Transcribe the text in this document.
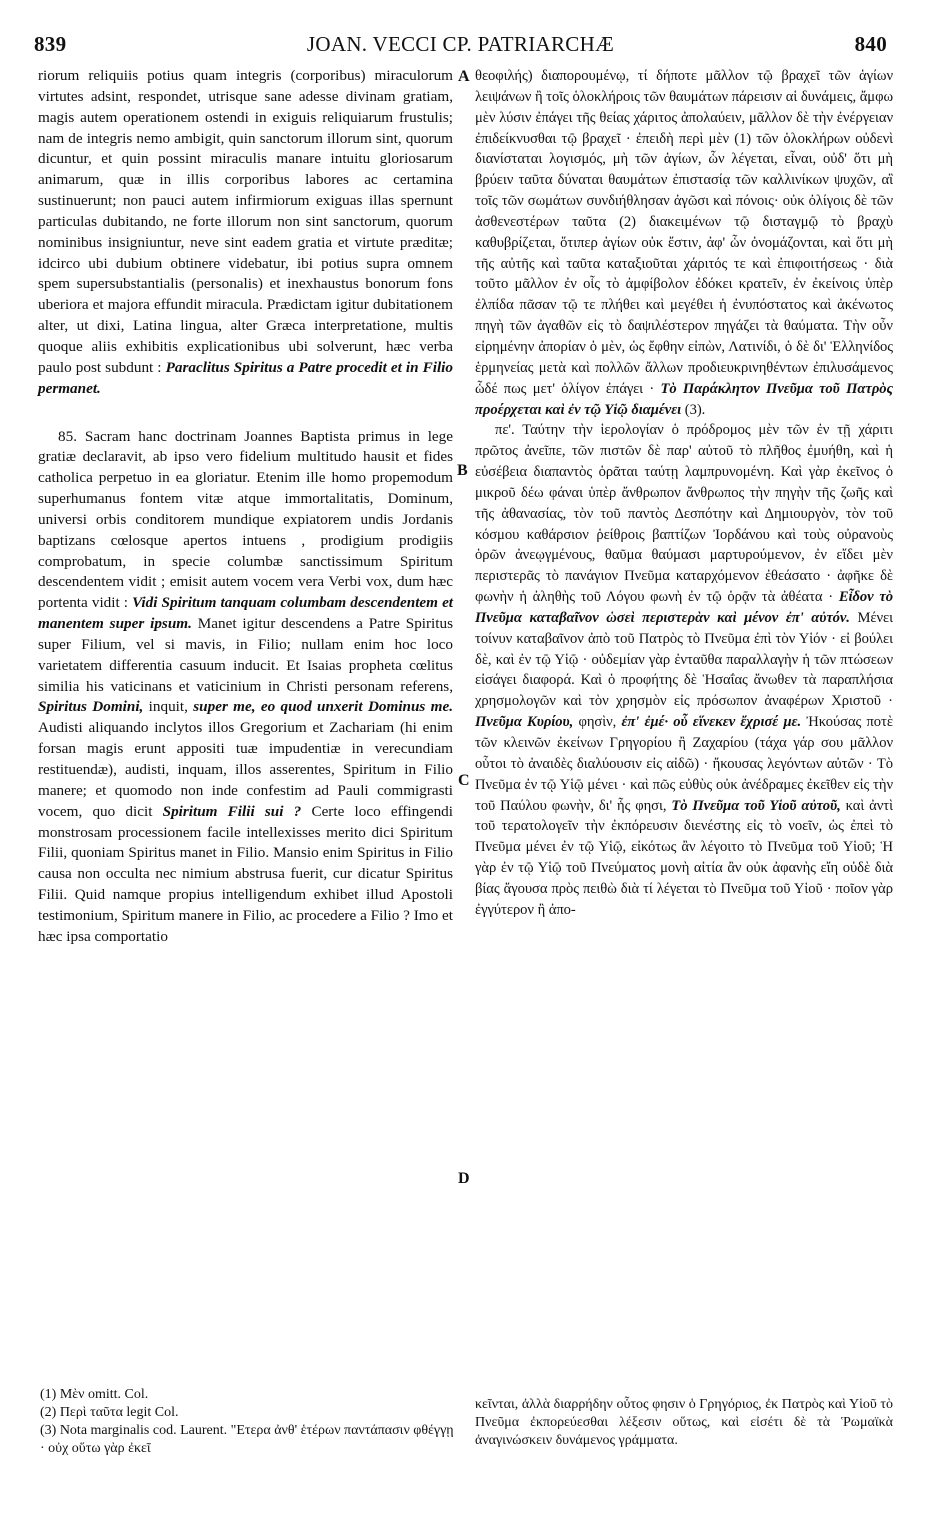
839	JOAN. VECCI CP. PATRIARCHÆ	840
A
B
C
D

riorum reliquiis potius quam integris (corporibus) miraculorum virtutes adsint, respondet, utrisque sane adesse divinam gratiam, magis autem operationem ostendi in exiguis reliquiarum frustulis; nam de integris nemo ambigit, quin sanctorum illorum sint, quorum dicuntur, et quin possint miraculis manare intuitu gloriosarum animarum, quæ in illis corporibus labores ac certamina sustinuerunt; non pauci autem infirmiorum exiguas illas spernunt particulas dubitando, ne forte illorum non sint sanctorum, quorum nominibus insigniuntur, neve sint eadem gratia et virtute præditæ; idcirco ubi dubium obtinere videbatur, ibi potius supra omnem spem supersubstantialis (personalis) et inexhaustus bonorum fons uberiora et majora effundit miracula. Prædictam igitur dubitationem alter, ut dixi, Latina lingua, alter Græca interpretatione, multis quoque aliis exhibitis explicationibus ubi solverunt, hæc verba paulo post subdunt : Paraclitus Spiritus a Patre procedit et in Filio permanet.

85. Sacram hanc doctrinam Joannes Baptista primus in lege gratiæ declaravit, ab ipso vero fidelium multitudo hausit et fides catholica perpetuo in ea gloriatur. Etenim ille homo propemodum superhumanus fontem vitæ atque immortalitatis, Dominum, universi orbis conditorem mundique expiatorem undis Jordanis baptizans cœlosque apertos intuens , prodigium prodigiis comprobatum, in specie columbæ sanctissimum Spiritum descendentem vidit ; emisit autem vocem vera Verbi vox, dum hæc portenta vidit : Vidi Spiritum tanquam columbam descendentem et manentem super ipsum. Manet igitur descendens a Patre Spiritus super Filium, vel si mavis, in Filio; nullam enim hoc loco varietatem differentia casuum inducit. Et Isaias propheta cœlitus similia his vaticinans et vaticinium in Christi personam referens, Spiritus Domini, inquit, super me, eo quod unxerit Dominus me. Audisti aliquando inclytos illos Gregorium et Zachariam (hi enim forsan magis erunt appositi tuæ impudentiæ in verecundiam restituendæ), audisti, inquam, illos asserentes, Spiritum in Filio manere; et quomodo non inde confestim ad Pauli commigrasti vocem, quo dicit Spiritum Filii sui ? Certe loco effingendi monstrosam processionem facile intellexisses merito dici Spiritum Filii, quoniam Spiritus manet in Filio. Mansio enim Spiritus in Filio causa non occulta nec nimium abstrusa fuerit, cur dicatur Spiritus Filii. Quid namque propius intelligendum exhibet illud Apostoli testimonium, Spiritum manere in Filio, ac procedere a Filio ? Imo et hæc ipsa comportatio

θεοφιλής) διαπορουμένῳ, τί δήποτε μᾶλλον τῷ βραχεῖ τῶν ἁγίων λειψάνων ἢ τοῖς ὁλοκλήροις τῶν θαυμάτων πάρεισιν αἱ δυνάμεις, ἄμφω μὲν λύσιν ἐπάγει τῆς θείας χάριτος ἀπολαύειν, μᾶλλον δὲ τὴν ἐνέργειαν ἐπιδείκνυσθαι τῷ βραχεῖ · ἐπειδὴ περὶ μὲν (1) τῶν ὁλοκλήρων οὐδενὶ διανίσταται λογισμός, μὴ τῶν ἁγίων, ὧν λέγεται, εἶναι, οὐδ' ὅτι μὴ βρύειν ταῦτα δύναται θαυμάτων ἐπιστασίᾳ τῶν καλλινίκων ψυχῶν, αἳ τοῖς τῶν σωμάτων συνδιήθλησαν ἀγῶσι καὶ πόνοις· οὐκ ὀλίγοις δὲ τῶν ἀσθενεστέρων ταῦτα (2) διακειμένων τῷ δισταγμῷ τὸ βραχὺ καθυβρίζεται, ὅτιπερ ἁγίων οὐκ ἔστιν, ἀφ' ὧν ὀνομάζονται, καὶ ὅτι μὴ τῆς αὐτῆς καὶ ταῦτα καταξιοῦται χάριτός τε καὶ ἐπιφοιτήσεως · διὰ τοῦτο μᾶλλον ἐν οἷς τὸ ἀμφίβολον ἐδόκει κρατεῖν, ἐν ἐκείνοις ὑπὲρ ἐλπίδα πᾶσαν τῷ τε πλήθει καὶ μεγέθει ἡ ἐνυπόστατος καὶ ἀκένωτος πηγὴ τῶν ἀγαθῶν εἰς τὸ δαψιλέστερον πηγάζει τὰ θαύματα. Τὴν οὖν εἰρημένην ἀπορίαν ὁ μὲν, ὡς ἔφθην εἰπὼν, Λατινίδι, ὁ δὲ δι' Ἑλληνίδος ἑρμηνείας μετὰ καὶ πολλῶν ἄλλων προδιευκρινηθέντων ἐπιλυσάμενος ὧδέ πως μετ' ὀλίγον ἐπάγει · Τὸ Παράκλητον Πνεῦμα τοῦ Πατρὸς προέρχεται καὶ ἐν τῷ Υἱῷ διαμένει (3).

πε'. Ταύτην τὴν ἱερολογίαν ὁ πρόδρομος μὲν τῶν ἐν τῇ χάριτι πρῶτος ἀνεῖπε, τῶν πιστῶν δὲ παρ' αὐτοῦ τὸ πλῆθος ἐμυήθη, καὶ ἡ εὐσέβεια διαπαντὸς ὁρᾶται ταύτῃ λαμπρυνομένη. Καὶ γὰρ ἐκεῖνος ὁ μικροῦ δέω φάναι ὑπὲρ ἄνθρωπον ἄνθρωπος τὴν πηγὴν τῆς ζωῆς καὶ τῆς ἀθανασίας, τὸν τοῦ παντὸς Δεσπότην καὶ Δημιουργὸν, τὸν τοῦ κόσμου καθάρσιον ῥείθροις βαπτίζων Ἰορδάνου καὶ τοὺς οὐρανοὺς ὁρῶν ἀνεῳγμένους, θαῦμα θαύμασι μαρτυρούμενον, ἐν εἴδει μὲν περιστερᾶς τὸ πανάγιον Πνεῦμα καταρχόμενον ἐθεάσατο · ἀφῆκε δὲ φωνὴν ἡ ἀληθὴς τοῦ Λόγου φωνὴ ἐν τῷ ὁρᾷν τὰ ἀθέατα · Εἶδον τὸ Πνεῦμα καταβαῖνον ὡσεὶ περιστερὰν καὶ μένον ἐπ' αὐτόν. Μένει τοίνυν καταβαῖνον ἀπὸ τοῦ Πατρὸς τὸ Πνεῦμα ἐπὶ τὸν Υἱόν · εἰ βούλει δὲ, καὶ ἐν τῷ Υἱῷ · οὐδεμίαν γὰρ ἐνταῦθα παραλλαγὴν ἡ τῶν πτώσεων εἰσάγει διαφορά. Καὶ ὁ προφήτης δὲ Ἡσαΐας ἄνωθεν τὰ παραπλήσια χρησμολογῶν καὶ τὸν χρησμὸν εἰς πρόσωπον ἀναφέρων Χριστοῦ · Πνεῦμα Κυρίου, φησὶν, ἐπ' ἐμέ· οὗ εἵνεκεν ἔχρισέ με. Ἠκούσας ποτὲ τῶν κλεινῶν ἐκείνων Γρηγορίου ἢ Ζαχαρίου (τάχα γάρ σου μᾶλλον οὗτοι τὸ ἀναιδὲς διαλύουσιν εἰς αἰδῶ) · ἤκουσας λεγόντων αὐτῶν · Τὸ Πνεῦμα ἐν τῷ Υἱῷ μένει · καὶ πῶς εὐθὺς οὐκ ἀνέδραμες ἐκεῖθεν εἰς τὴν τοῦ Παύλου φωνὴν, δι' ἧς φησι, Τὸ Πνεῦμα τοῦ Υἱοῦ αὐτοῦ, καὶ ἀντὶ τοῦ τερατολογεῖν τὴν ἐκπόρευσιν διενέστης εἰς τὸ νοεῖν, ὡς ἐπεὶ τὸ Πνεῦμα μένει ἐν τῷ Υἱῷ, εἰκότως ἂν λέγοιτο τὸ Πνεῦμα τοῦ Υἱοῦ; Ἡ γὰρ ἐν τῷ Υἱῷ τοῦ Πνεύματος μονὴ αἰτία ἂν οὐκ ἀφανὴς εἴη οὐδὲ διὰ βίας ἄγουσα πρὸς πειθὼ διὰ τί λέγεται τὸ Πνεῦμα τοῦ Υἱοῦ · ποῖον γὰρ ἐγγύτερον ἢ ἀπο-

(1) Μὲν omitt. Col.
(2) Περὶ ταῦτα legit Col.
(3) Nota marginalis cod. Laurent. "Ετερα ἀνθ' ἑτέρων παντάπασιν φθέγγῃ · οὐχ οὕτω γὰρ ἐκεῖ
κεῖνται, ἀλλὰ διαρρήδην οὗτος φησιν ὁ Γρηγόριος, ἐκ Πατρὸς καὶ Υἱοῦ τὸ Πνεῦμα ἐκπορεύεσθαι λέξεσιν οὕτως, καὶ εἰσέτι δὲ τὰ Ῥωμαϊκὰ ἀναγινώσκειν δυνάμενος γράμματα.
